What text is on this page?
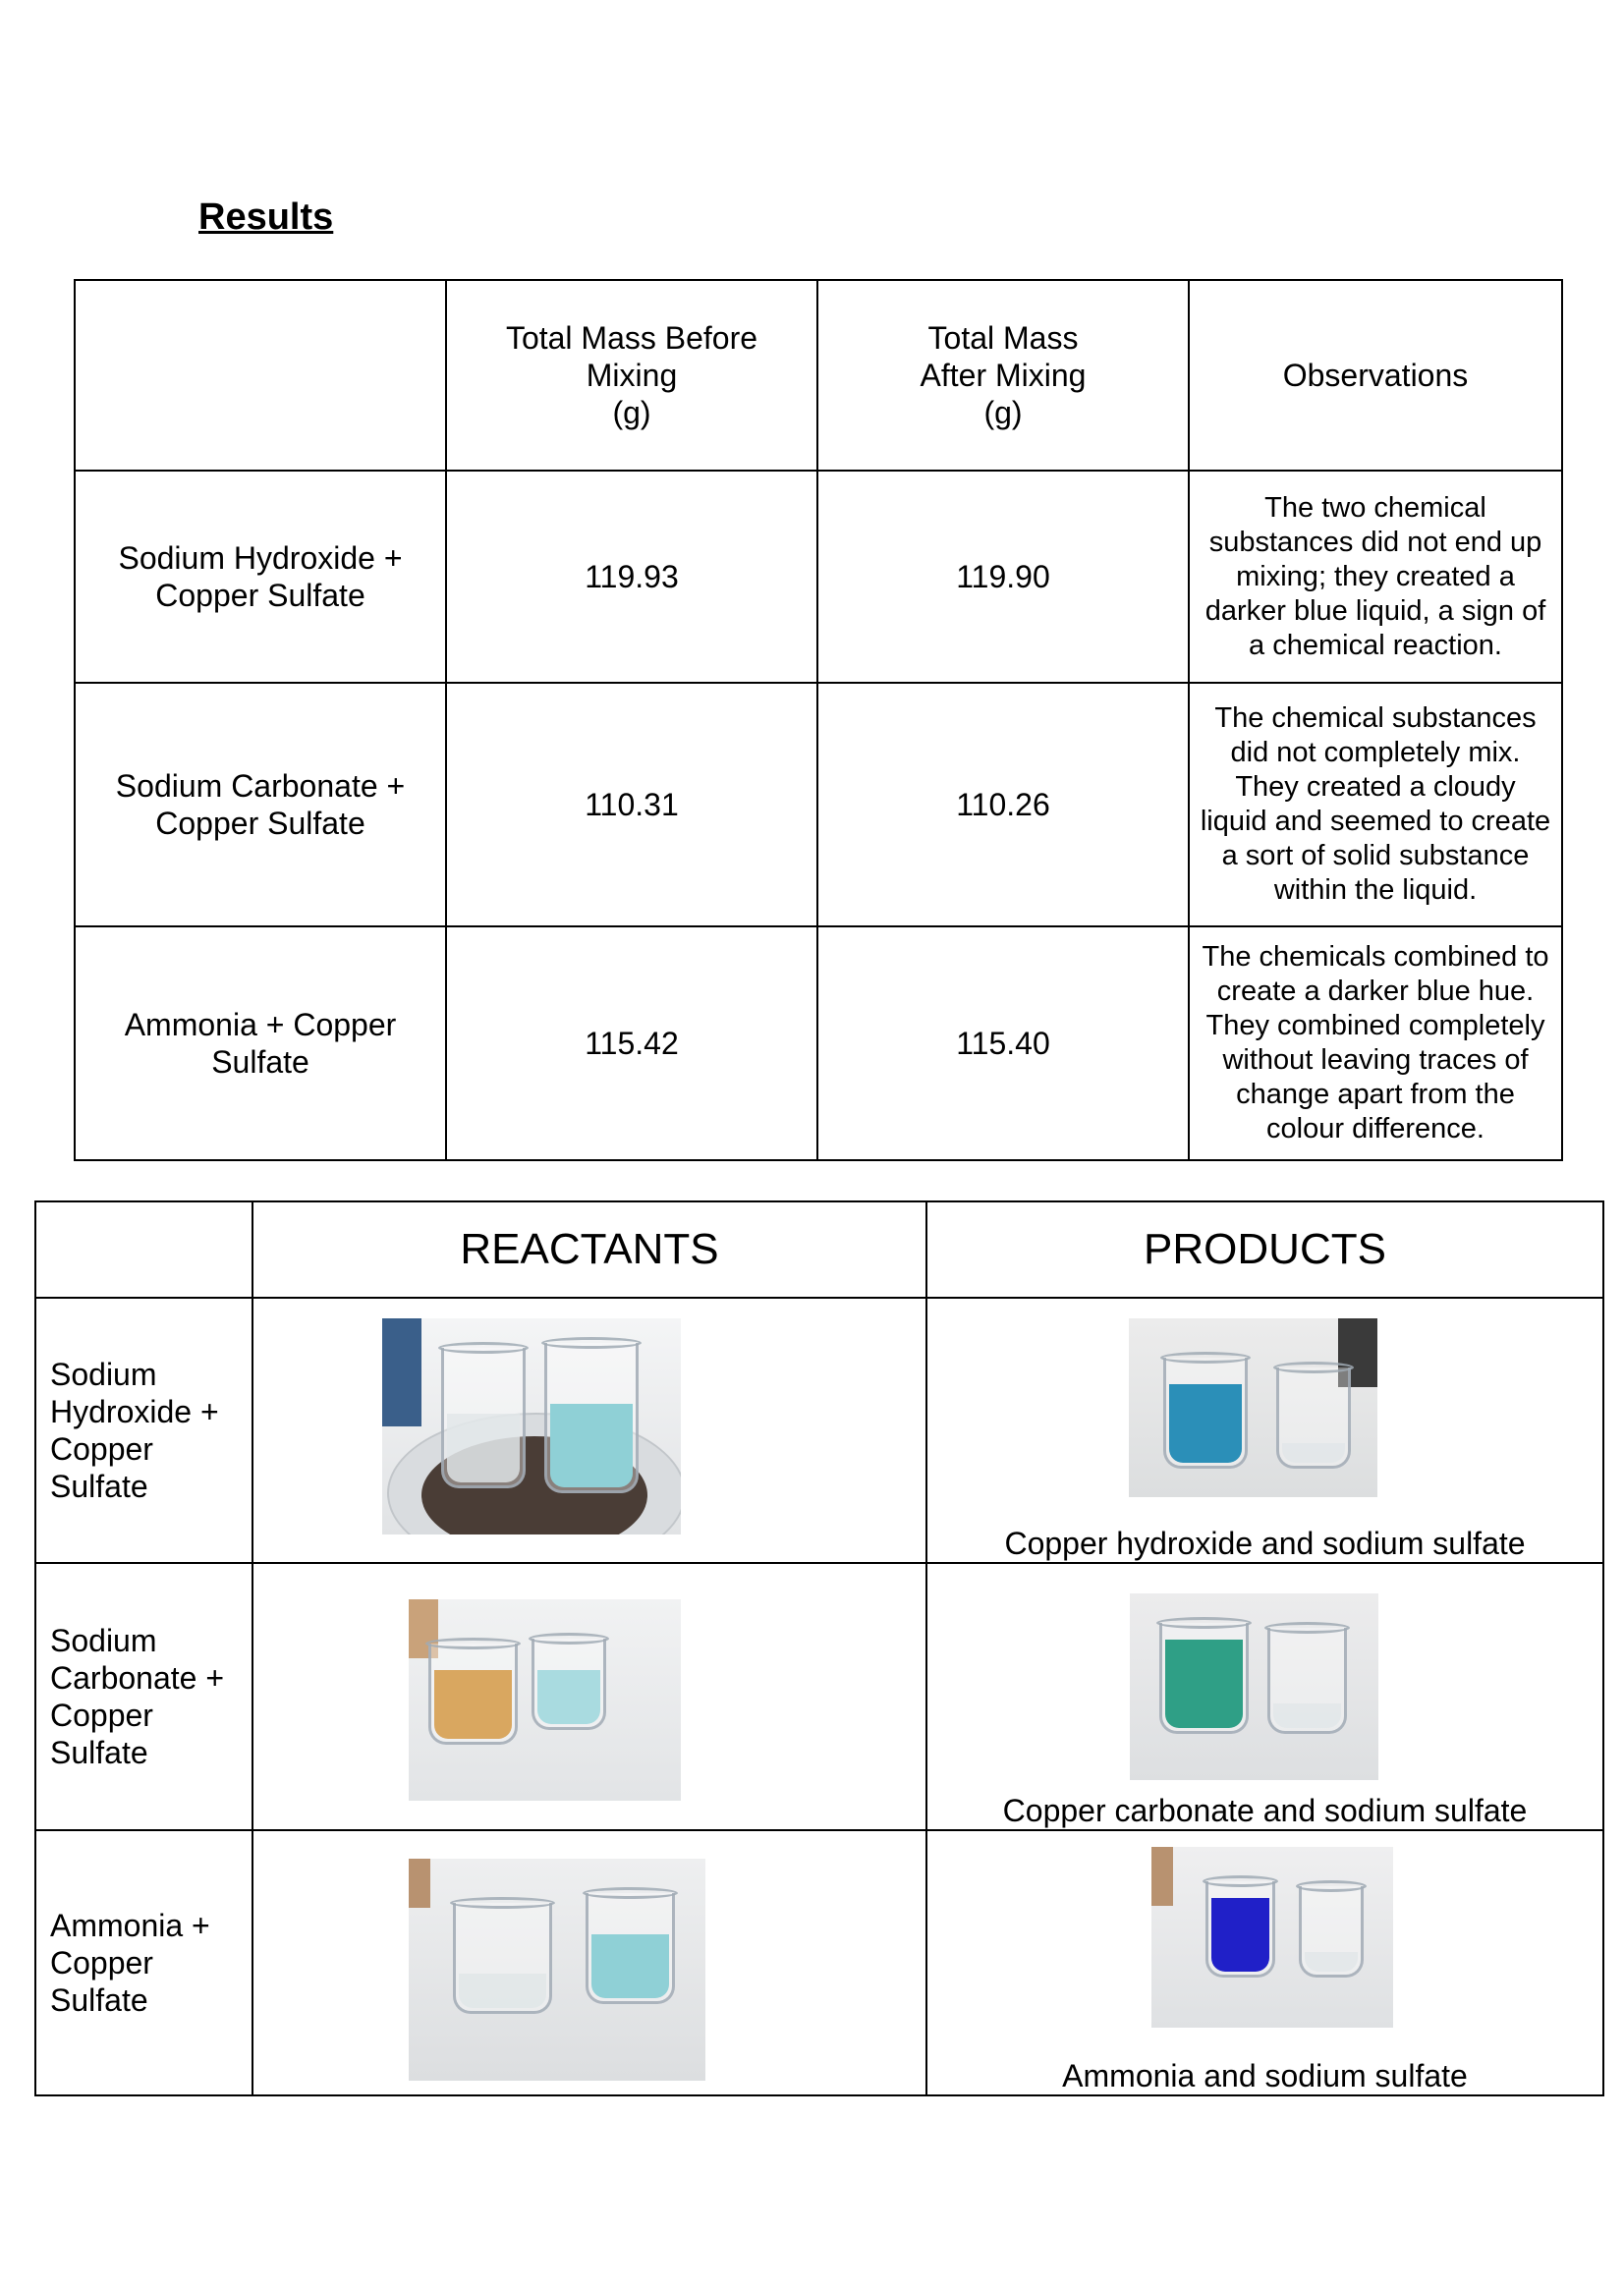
Results
	Total Mass Before
Mixing
(g)	Total Mass
After Mixing
(g)	Observations
Sodium Hydroxide +
Copper Sulfate	119.93	119.90	The two chemical substances did not end up mixing; they created a darker blue liquid, a sign of a chemical reaction.
Sodium Carbonate +
Copper Sulfate	110.31	110.26	The chemical substances did not completely mix. They created a cloudy liquid and seemed to create a sort of solid substance within the liquid.
Ammonia + Copper
Sulfate	115.42	115.40	The chemicals combined to create a darker blue hue. They combined completely without leaving traces of change apart from the colour difference.
	REACTANTS	PRODUCTS
Sodium
Hydroxide +
Copper
Sulfate		Copper hydroxide and sodium sulfate

Sodium
Carbonate +
Copper
Sulfate		Copper carbonate and sodium sulfate

Ammonia +
Copper
Sulfate		Ammonia and sodium sulfate
